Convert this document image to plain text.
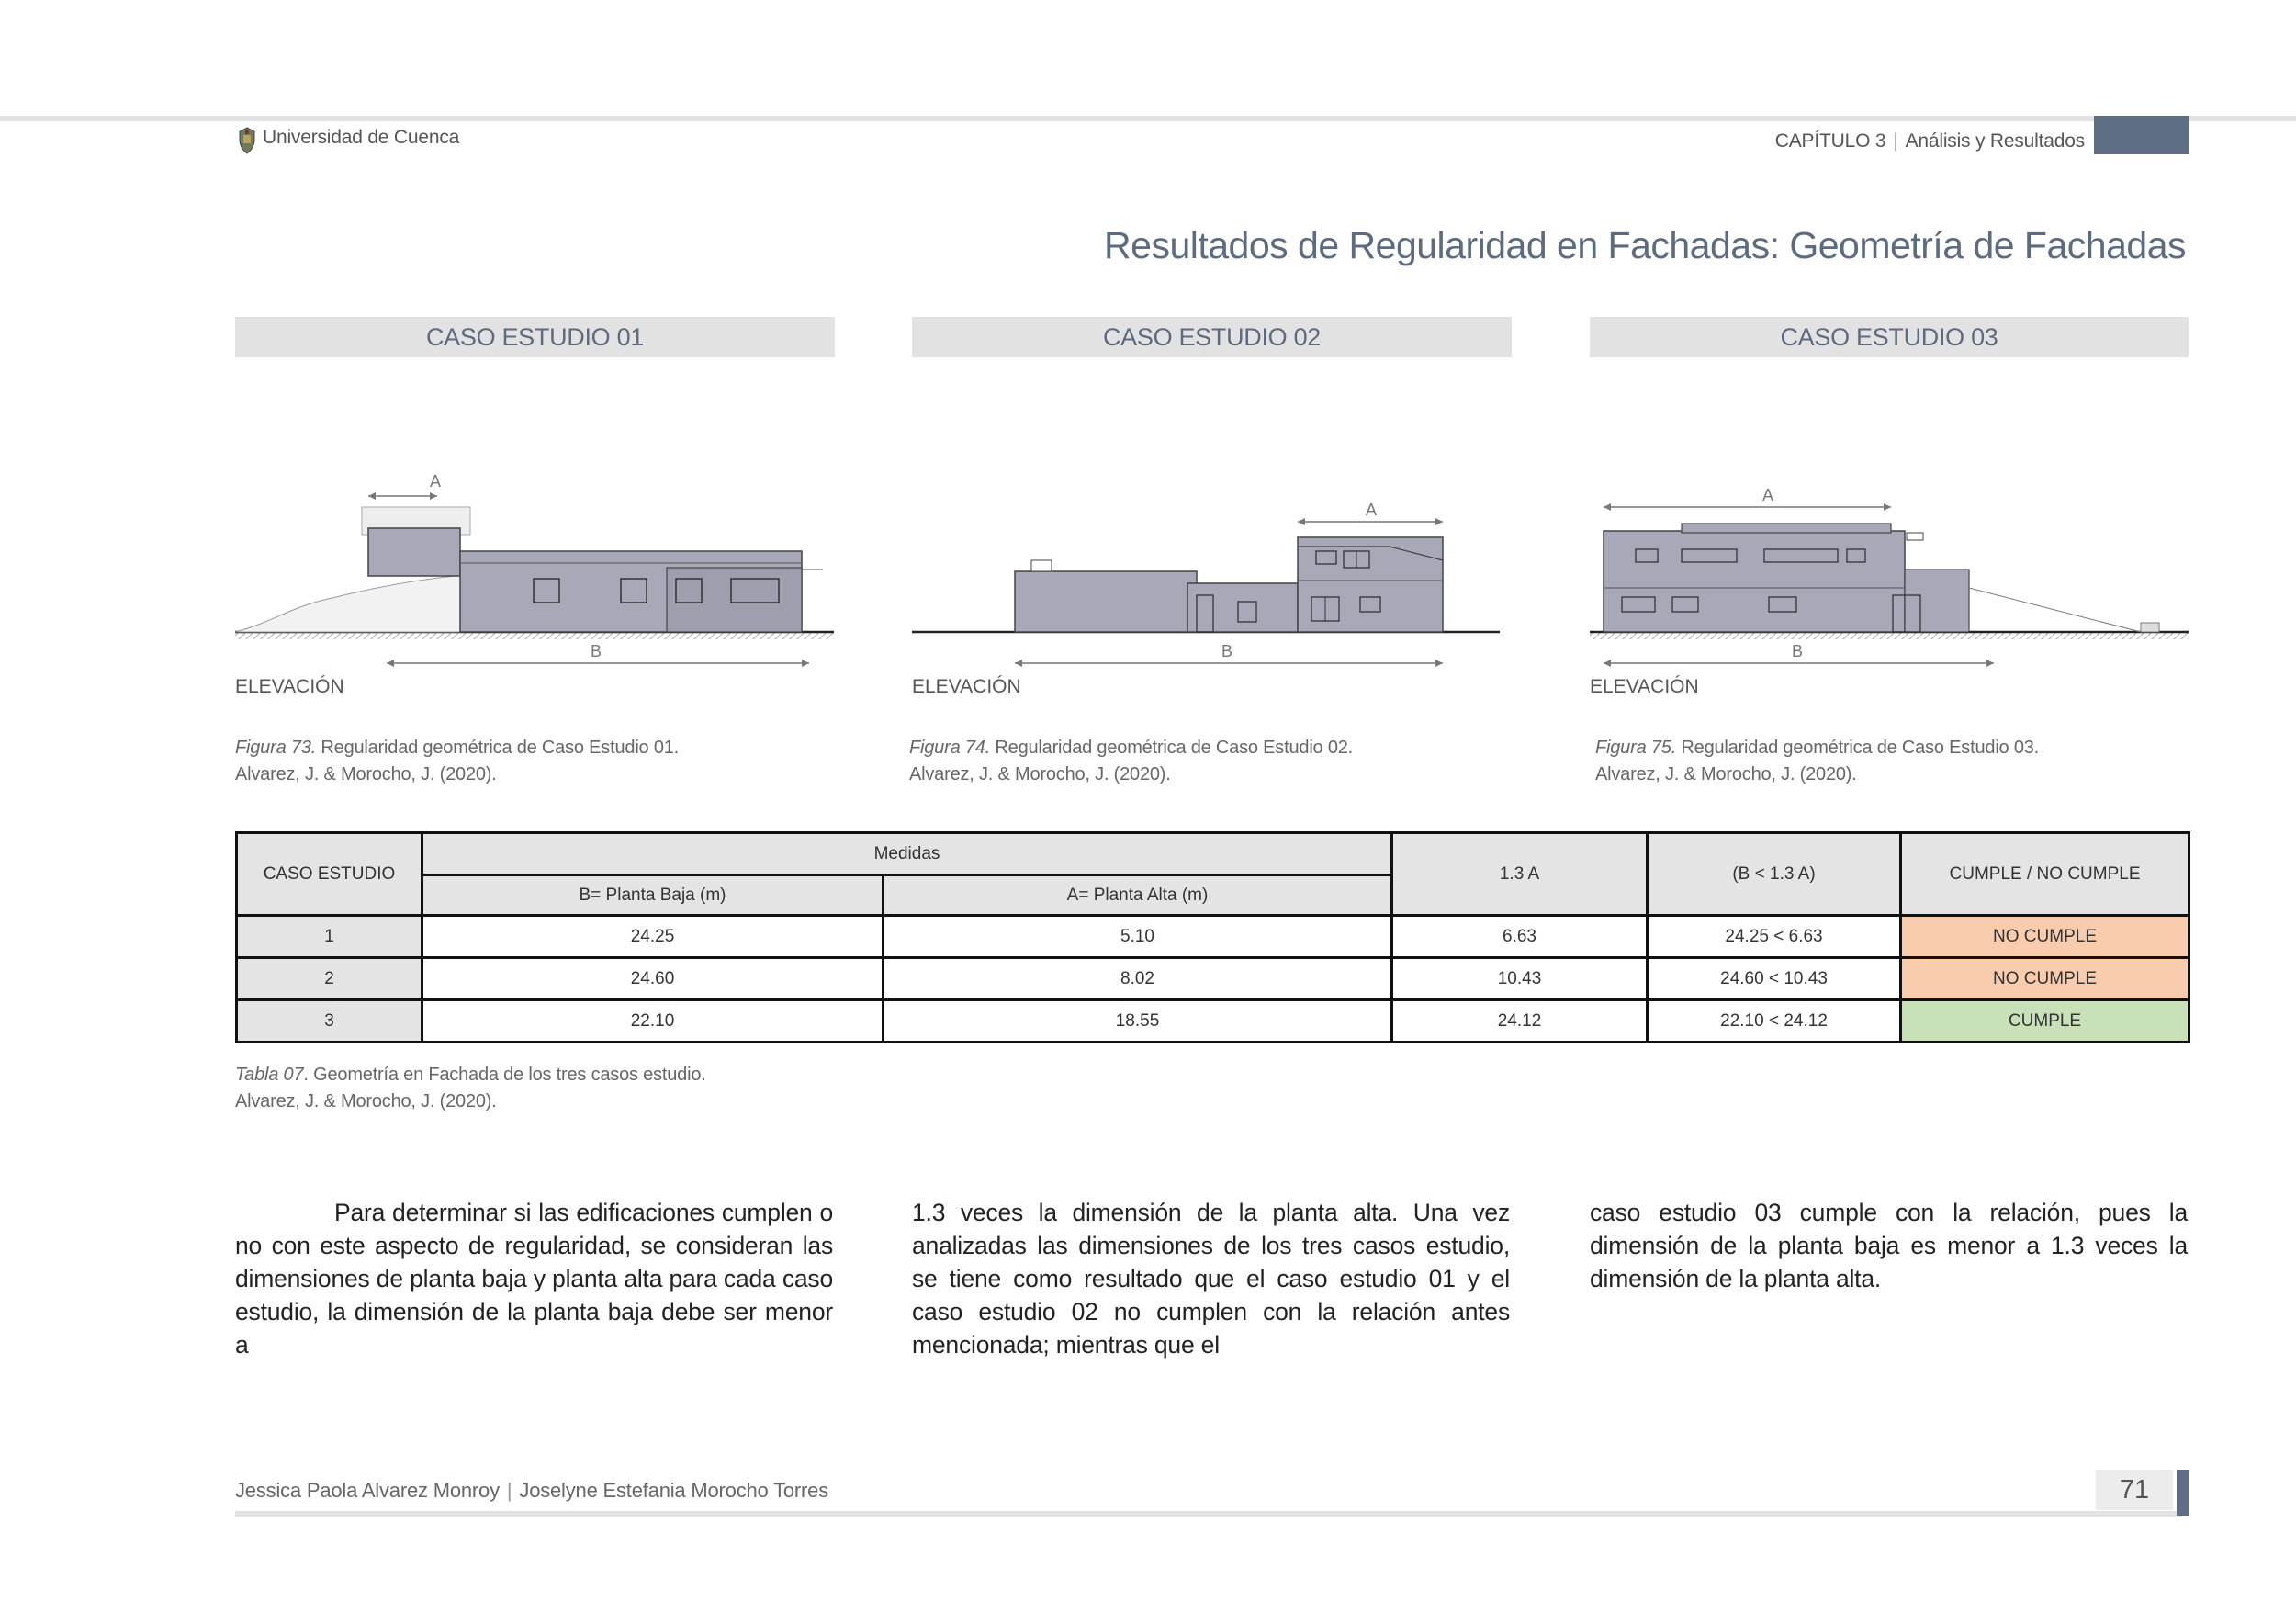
Universidad de Cuenca	CAPÍTULO 3 | Análisis y Resultados
Resultados de Regularidad en Fachadas: Geometría de Fachadas
CASO ESTUDIO 01	CASO ESTUDIO 02	CASO ESTUDIO 03
A
B
A
B
A
B
ELEVACIÓN	ELEVACIÓN	ELEVACIÓN
Figura 73. Regularidad geométrica de Caso Estudio 01.
Alvarez, J. & Morocho, J. (2020).
Figura 74. Regularidad geométrica de Caso Estudio 02.
Alvarez, J. & Morocho, J. (2020).
Figura 75. Regularidad geométrica de Caso Estudio 03.
Alvarez, J. & Morocho, J. (2020).
CASO ESTUDIO	Medidas		1.3 A	(B < 1.3 A)	CUMPLE / NO CUMPLE
	B= Planta Baja (m)	A= Planta Alta (m)			
1	24.25	5.10	6.63	24.25 < 6.63	NO CUMPLE
2	24.60	8.02	10.43	24.60 < 10.43	NO CUMPLE
3	22.10	18.55	24.12	22.10 < 24.12	CUMPLE
Tabla 07. Geometría en Fachada de los tres casos estudio.
Alvarez, J. & Morocho, J. (2020).
Para determinar si las edificaciones cumplen o no con este aspecto de regularidad, se consideran las dimensiones de planta baja y planta alta para cada caso estudio, la dimensión de la planta baja debe ser menor a
1.3 veces la dimensión de la planta alta. Una vez analizadas las dimensiones de los tres casos estudio, se tiene como resultado que el caso estudio 01 y el caso estudio 02 no cumplen con la relación antes mencionada; mientras que el
caso estudio 03 cumple con la relación, pues la dimensión de la planta baja es menor a 1.3 veces la dimensión de la planta alta.
Jessica Paola Alvarez Monroy | Joselyne Estefania Morocho Torres	71
